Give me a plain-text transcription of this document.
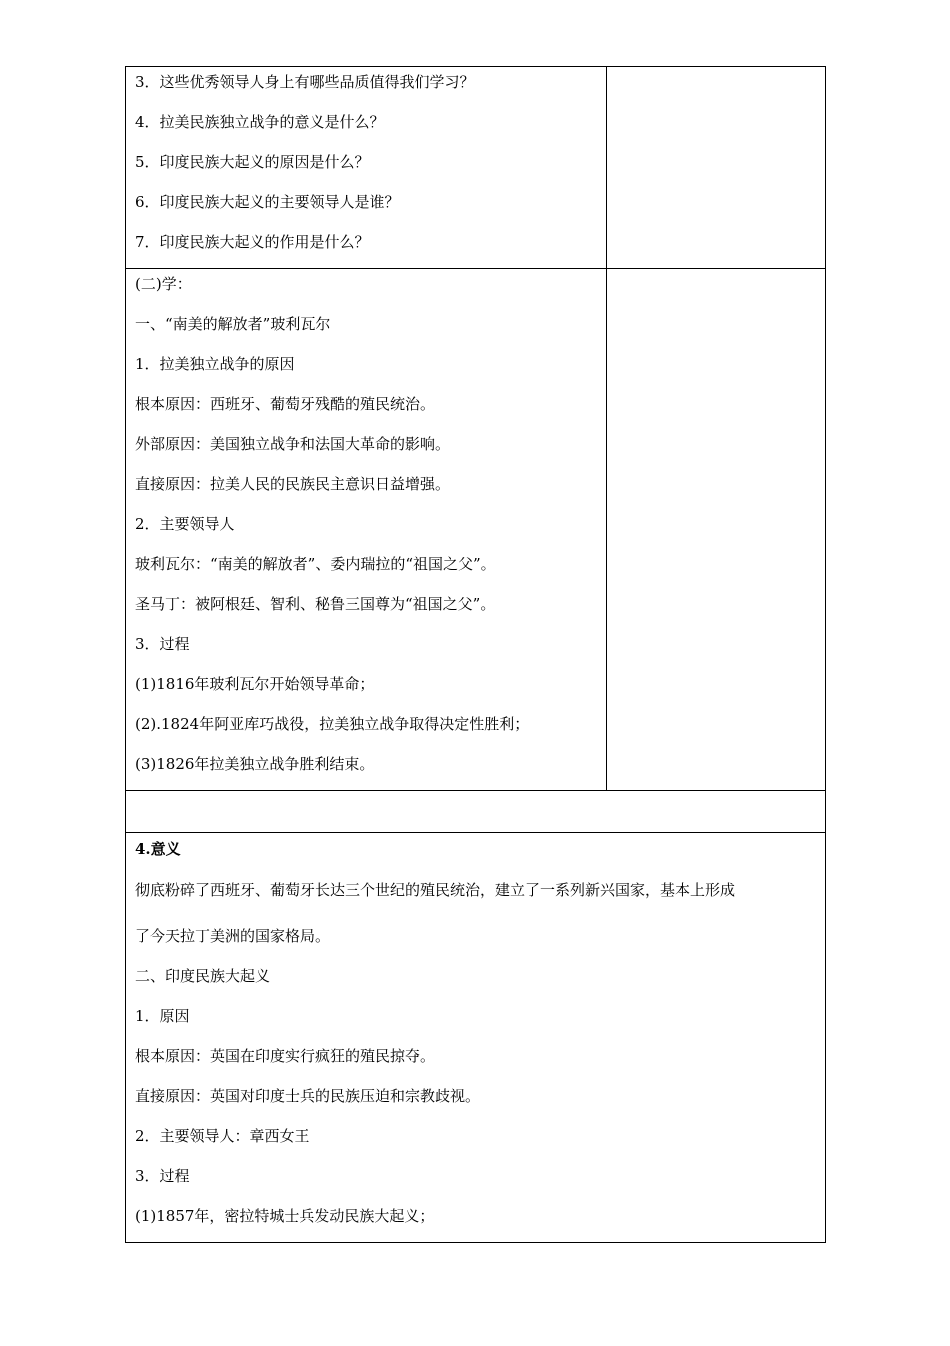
3．这些优秀领导人身上有哪些品质值得我们学习？
4．拉美民族独立战争的意义是什么？
5．印度民族大起义的原因是什么？
6．印度民族大起义的主要领导人是谁？
7．印度民族大起义的作用是什么？
(二)学：
一、“南美的解放者”玻利瓦尔
1．拉美独立战争的原因
根本原因：西班牙、葡萄牙残酷的殖民统治。
外部原因：美国独立战争和法国大革命的影响。
直接原因：拉美人民的民族民主意识日益增强。
2．主要领导人
玻利瓦尔：“南美的解放者”、委内瑞拉的“祖国之父”。
圣马丁：被阿根廷、智利、秘鲁三国尊为“祖国之父”。
3．过程
(1)1816年玻利瓦尔开始领导革命；
(2).1824年阿亚库巧战役，拉美独立战争取得决定性胜利；
(3)1826年拉美独立战争胜利结束。
4.意义
彻底粉碎了西班牙、葡萄牙长达三个世纪的殖民统治，建立了一系列新兴国家，基本上形成
了今天拉丁美洲的国家格局。
二、印度民族大起义
1．原因
根本原因：英国在印度实行疯狂的殖民掠夺。
直接原因：英国对印度士兵的民族压迫和宗教歧视。
2．主要领导人：章西女王
3．过程
(1)1857年，密拉特城士兵发动民族大起义；
